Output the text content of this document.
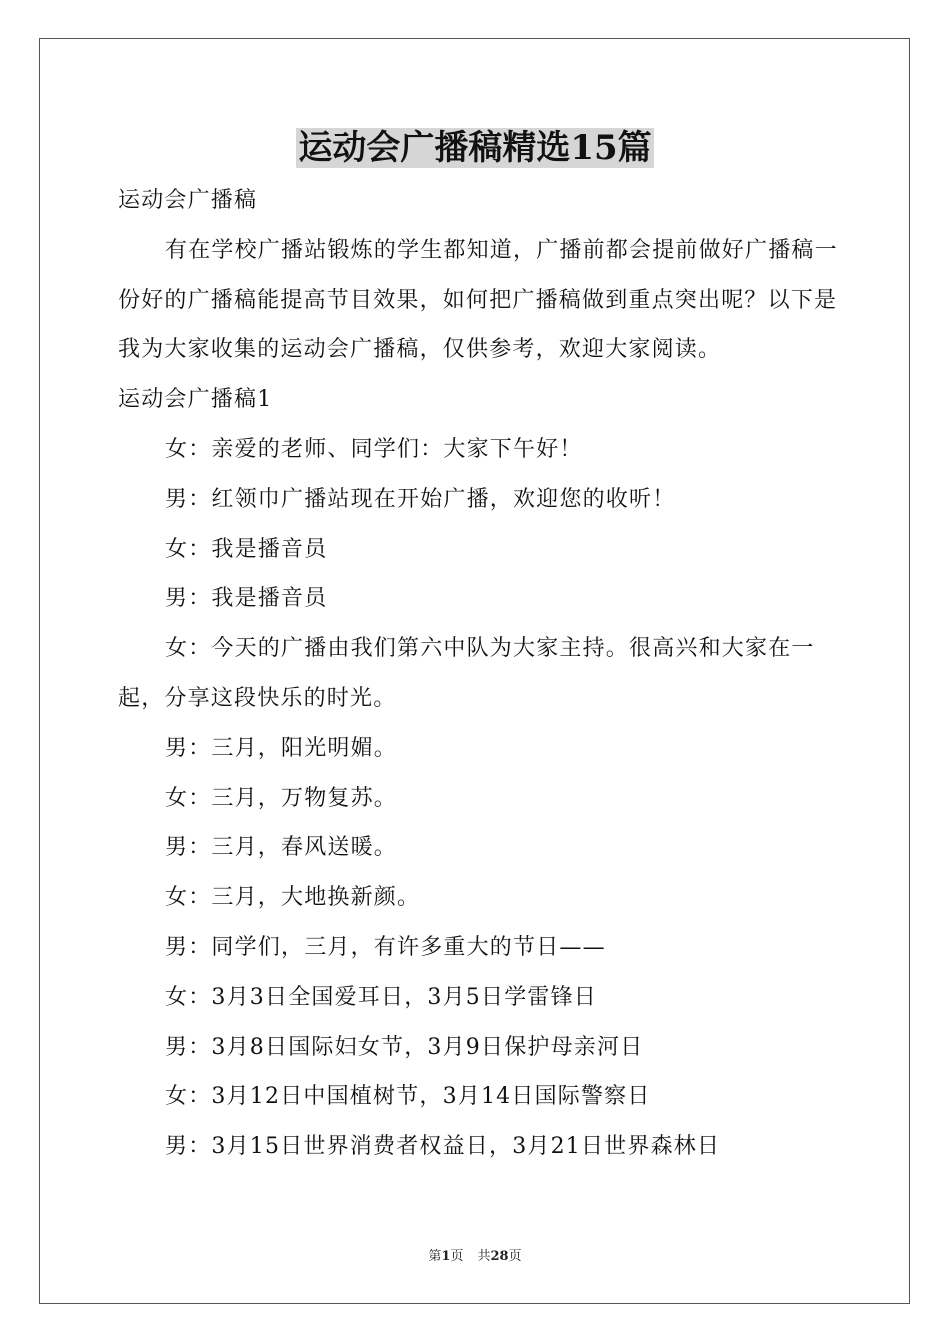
运动会广播稿精选15篇

运动会广播稿

有在学校广播站锻炼的学生都知道，广播前都会提前做好广播稿一份好的广播稿能提高节目效果，如何把广播稿做到重点突出呢？以下是我为大家收集的运动会广播稿，仅供参考，欢迎大家阅读。

运动会广播稿1

女：亲爱的老师、同学们：大家下午好！

男：红领巾广播站现在开始广播，欢迎您的收听！

女：我是播音员

男：我是播音员

女：今天的广播由我们第六中队为大家主持。很高兴和大家在一起，分享这段快乐的时光。

男：三月，阳光明媚。

女：三月，万物复苏。

男：三月，春风送暖。

女：三月，大地换新颜。

男：同学们，三月，有许多重大的节日——

女：3月3日全国爱耳日，3月5日学雷锋日

男：3月8日国际妇女节，3月9日保护母亲河日

女：3月12日中国植树节，3月14日国际警察日

男：3月15日世界消费者权益日，3月21日世界森林日

第1页 共28页
